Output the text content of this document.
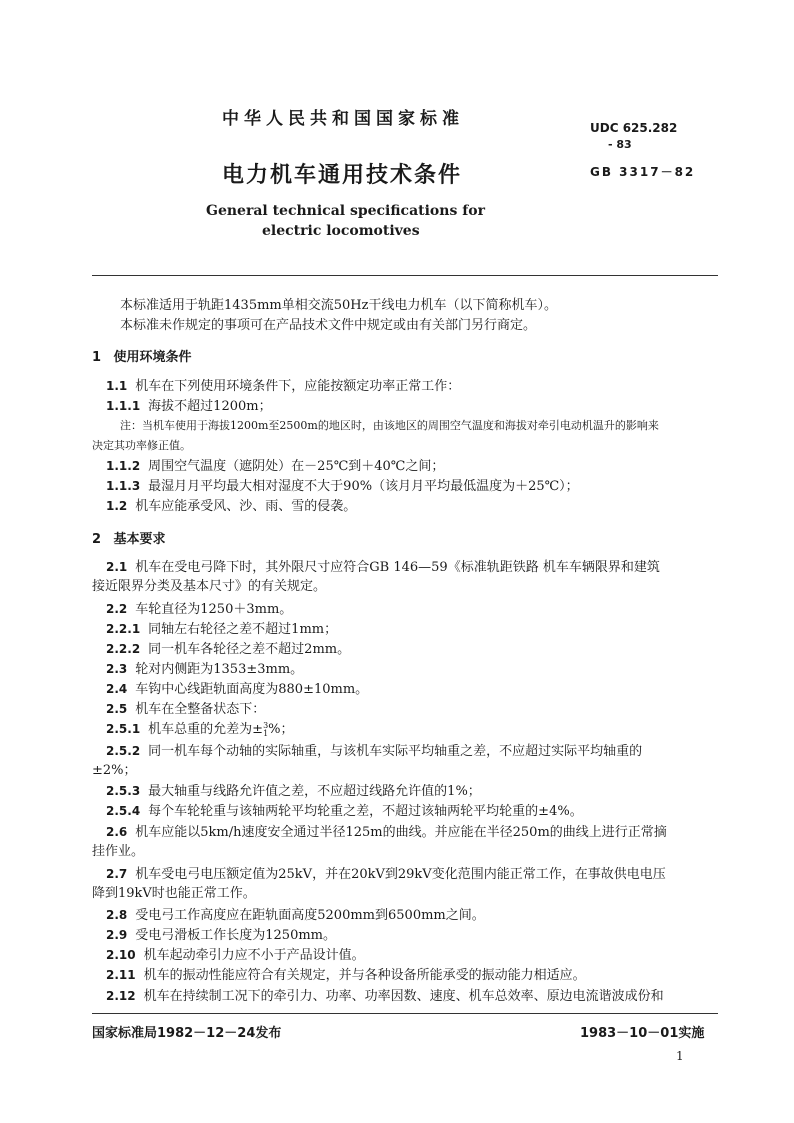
中华人民共和国国家标准	UDC 625.282
- 83
电力机车通用技术条件	GB 3317－82
General technical specifications for
electric locomotives
本标准适用于轨距1435mm单相交流50Hz干线电力机车（以下简称机车）。
本标准未作规定的事项可在产品技术文件中规定或由有关部门另行商定。
1 使用环境条件
1.1 机车在下列使用环境条件下，应能按额定功率正常工作：
1.1.1 海拔不超过1200m；
注：当机车使用于海拔1200m至2500m的地区时，由该地区的周围空气温度和海拔对牵引电动机温升的影响来
决定其功率修正值。
1.1.2 周围空气温度（遮阴处）在－25℃到＋40℃之间；
1.1.3 最湿月月平均最大相对湿度不大于90%（该月月平均最低温度为＋25℃）；
1.2 机车应能承受风、沙、雨、雪的侵袭。
2 基本要求
2.1 机车在受电弓降下时，其外限尺寸应符合GB 146—59《标准轨距铁路 机车车辆限界和建筑
接近限界分类及基本尺寸》的有关规定。
2.2 车轮直径为1250＋3mm。
2.2.1 同轴左右轮径之差不超过1mm；
2.2.2 同一机车各轮径之差不超过2mm。
2.3 轮对内侧距为1353±3mm。
2.4 车钩中心线距轨面高度为880±10mm。
2.5 机车在全整备状态下：
2.5.1 机车总重的允差为± 3
1 %；
2.5.2 同一机车每个动轴的实际轴重，与该机车实际平均轴重之差，不应超过实际平均轴重的
±2%；
2.5.3 最大轴重与线路允许值之差，不应超过线路允许值的1%；
2.5.4 每个车轮轮重与该轴两轮平均轮重之差，不超过该轴两轮平均轮重的±4%。
2.6 机车应能以5km/h速度安全通过半径125m的曲线。并应能在半径250m的曲线上进行正常摘
挂作业。
2.7 机车受电弓电压额定值为25kV，并在20kV到29kV变化范围内能正常工作，在事故供电电压
降到19kV时也能正常工作。
2.8 受电弓工作高度应在距轨面高度5200mm到6500mm之间。
2.9 受电弓滑板工作长度为1250mm。
2.10 机车起动牵引力应不小于产品设计值。
2.11 机车的振动性能应符合有关规定，并与各种设备所能承受的振动能力相适应。
2.12 机车在持续制工况下的牵引力、功率、功率因数、速度、机车总效率、原边电流谐波成份和
国家标准局1982－12－24发布	1983－10－01实施
1
